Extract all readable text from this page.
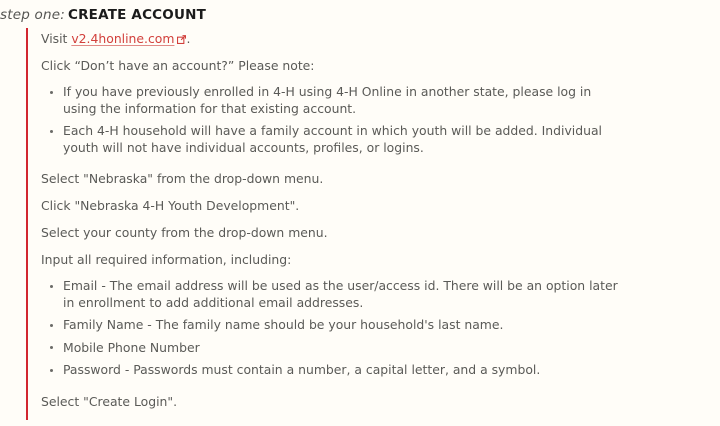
step one: CREATE ACCOUNT

Visit v2.4honline.com .

Click “Don’t have an account?” Please note:

If you have previously enrolled in 4-H using 4-H Online in another state, please log in using the information for that existing account.
Each 4-H household will have a family account in which youth will be added. Individual youth will not have individual accounts, profiles, or logins.

Select "Nebraska" from the drop-down menu.

Click "Nebraska 4-H Youth Development".

Select your county from the drop-down menu.

Input all required information, including:

Email - The email address will be used as the user/access id. There will be an option later in enrollment to add additional email addresses.
Family Name - The family name should be your household's last name.
Mobile Phone Number
Password - Passwords must contain a number, a capital letter, and a symbol.

Select "Create Login".
